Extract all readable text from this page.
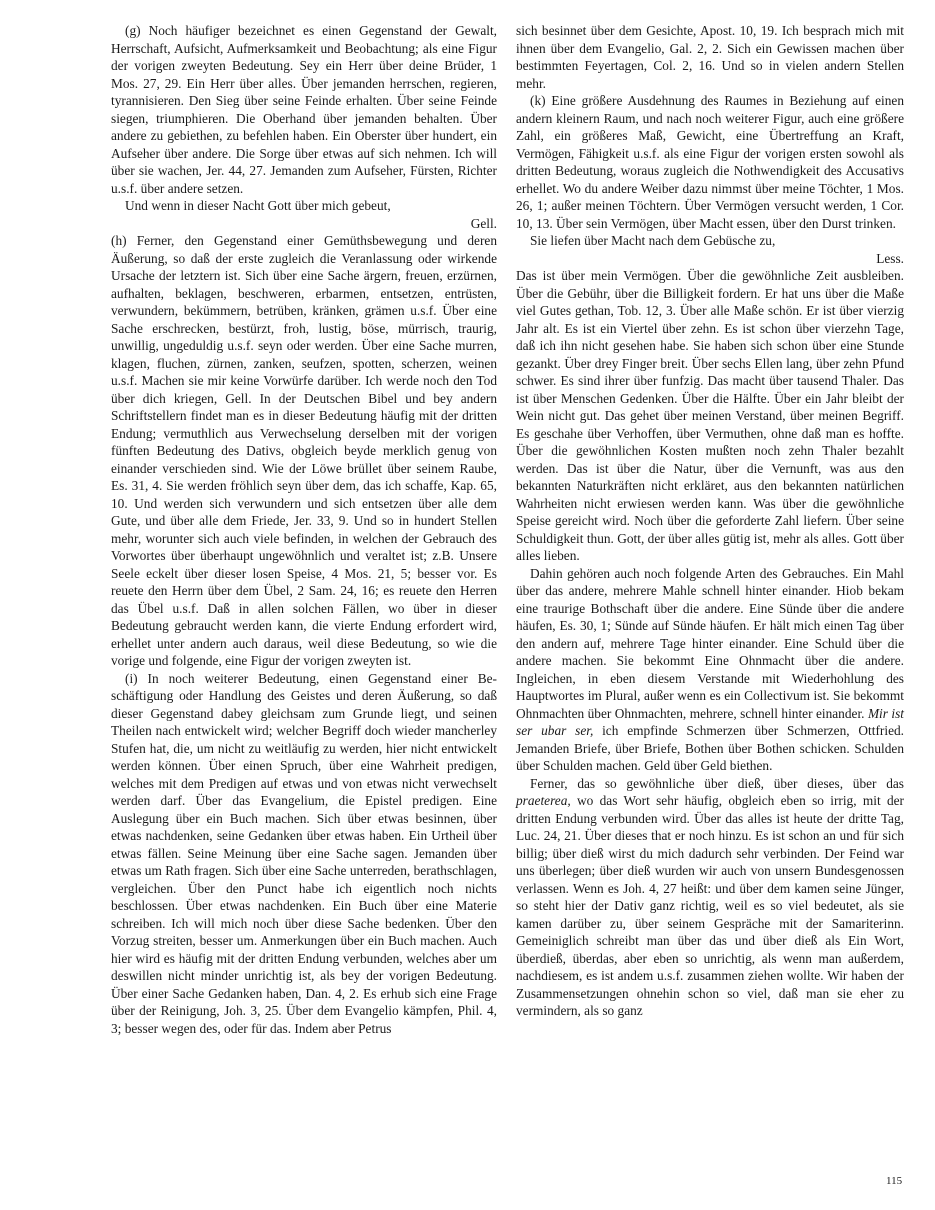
(g) Noch häufiger bezeichnet es einen Gegenstand der Gewalt, Herrschaft, Aufsicht, Aufmerksamkeit und Beobachtung; als eine Figur der vorigen zweyten Bedeutung. Sey ein Herr über deine Brüder, 1 Mos. 27, 29. Ein Herr über alles. Über jemanden herrschen, regieren, tyrannisieren. Den Sieg über seine Feinde erhalten. Über seine Feinde siegen, triumphieren. Die Oberhand über jemanden behalten. Über andere zu gebiethen, zu befehlen haben. Ein Oberster über hundert, ein Aufseher über andere. Die Sorge über etwas auf sich nehmen. Ich will über sie wachen, Jer. 44, 27. Jemanden zum Aufseher, Fürsten, Richter u.s.f. über andere setzen.

Und wenn in dieser Nacht Gott über mich gebeut,

Gell.

(h) Ferner, den Gegenstand einer Gemüthsbewegung und deren Äußerung, so daß der erste zugleich die Veranlassung oder wirkende Ursache der letztern ist. Sich über eine Sache ärgern, freuen, erzürnen, aufhalten, beklagen, beschweren, erbarmen, entsetzen, entrüsten, verwundern, bekümmern, betrüben, kränken, grämen u.s.f. Über eine Sache erschrecken, bestürzt, froh, lustig, böse, mürrisch, traurig, unwillig, ungeduldig u.s.f. seyn oder werden. Über eine Sache murren, klagen, fluchen, zürnen, zanken, seufzen, spotten, scherzen, weinen u.s.f. Machen sie mir keine Vorwürfe darüber. Ich werde noch den Tod über dich kriegen, Gell. In der Deutschen Bibel und bey andern Schriftstellern findet man es in dieser Bedeutung häufig mit der dritten Endung; vermuthlich aus Verwechselung derselben mit der vorigen fünften Bedeutung des Dativs, obgleich beyde merklich genug von einander verschieden sind. Wie der Löwe brüllet über seinem Raube, Es. 31, 4. Sie werden fröhlich seyn über dem, das ich schaffe, Kap. 65, 10. Und werden sich verwundern und sich entsetzen über alle dem Gute, und über alle dem Friede, Jer. 33, 9. Und so in hundert Stellen mehr, worunter sich auch viele befinden, in welchen der Gebrauch des Vorwortes über überhaupt ungewöhnlich und veraltet ist; z.B. Unsere Seele eckelt über dieser losen Speise, 4 Mos. 21, 5; besser vor. Es reuete den Herrn über dem Übel, 2 Sam. 24, 16; es reuete den Herren das Übel u.s.f. Daß in allen solchen Fällen, wo über in dieser Bedeutung gebraucht werden kann, die vierte Endung erfordert wird, erhellet unter andern auch daraus, weil diese Bedeutung, so wie die vorige und folgende, eine Figur der vorigen zweyten ist.

(i) In noch weiterer Bedeutung, einen Gegenstand einer Beschäftigung oder Handlung des Geistes und deren Äußerung, so daß dieser Gegenstand dabey gleichsam zum Grunde liegt, und seinen Theilen nach entwickelt wird; welcher Begriff doch wieder mancherley Stufen hat, die, um nicht zu weitläufig zu werden, hier nicht entwickelt werden können. Über einen Spruch, über eine Wahrheit predigen, welches mit dem Predigen auf etwas und von etwas nicht verwechselt werden darf. Über das Evangelium, die Epistel predigen. Eine Auslegung über ein Buch machen. Sich über etwas besinnen, über etwas nachdenken, seine Gedanken über etwas haben. Ein Urtheil über etwas fällen. Seine Meinung über eine Sache sagen. Jemanden über etwas um Rath fragen. Sich über eine Sache unterreden, berathschlagen, vergleichen. Über den Punct habe ich eigentlich noch nichts beschlossen. Über etwas nachdenken. Ein Buch über eine Materie schreiben. Ich will mich noch über diese Sache bedenken. Über den Vorzug streiten, besser um. Anmerkungen über ein Buch machen. Auch hier wird es häufig mit der dritten Endung verbunden, welches aber um deswillen nicht minder unrichtig ist, als bey der vorigen Bedeutung. Über einer Sache Gedanken haben, Dan. 4, 2. Es erhub sich eine Frage über der Reinigung, Joh. 3, 25. Über dem Evangelio kämpfen, Phil. 4, 3; besser wegen des, oder für das. Indem aber Petrus

sich besinnet über dem Gesichte, Apost. 10, 19. Ich besprach mich mit ihnen über dem Evangelio, Gal. 2, 2. Sich ein Gewissen machen über bestimmten Feyertagen, Col. 2, 16. Und so in vielen andern Stellen mehr.

(k) Eine größere Ausdehnung des Raumes in Beziehung auf einen andern kleinern Raum, und nach noch weiterer Figur, auch eine größere Zahl, ein größeres Maß, Gewicht, eine Übertreffung an Kraft, Vermögen, Fähigkeit u.s.f. als eine Figur der vorigen ersten sowohl als dritten Bedeutung, woraus zugleich die Nothwendigkeit des Accusativs erhellet. Wo du andere Weiber dazu nimmst über meine Töchter, 1 Mos. 26, 1; außer meinen Töchtern. Über Vermögen versucht werden, 1 Cor. 10, 13. Über sein Vermögen, über Macht essen, über den Durst trinken.

Sie liefen über Macht nach dem Gebüsche zu,

Less.

Das ist über mein Vermögen. Über die gewöhnliche Zeit ausbleiben. Über die Gebühr, über die Billigkeit fordern. Er hat uns über die Maße viel Gutes gethan, Tob. 12, 3. Über alle Maße schön. Er ist über vierzig Jahr alt. Es ist ein Viertel über zehn. Es ist schon über vierzehn Tage, daß ich ihn nicht gesehen habe. Sie haben sich schon über eine Stunde gezankt. Über drey Finger breit. Über sechs Ellen lang, über zehn Pfund schwer. Es sind ihrer über funfzig. Das macht über tausend Thaler. Das ist über Menschen Gedenken. Über die Hälfte. Über ein Jahr bleibt der Wein nicht gut. Das gehet über meinen Verstand, über meinen Begriff. Es geschahe über Verhoffen, über Vermuthen, ohne daß man es hoffte. Über die gewöhnlichen Kosten mußten noch zehn Thaler bezahlt werden. Das ist über die Natur, über die Vernunft, was aus den bekannten Naturkräften nicht erkläret, aus den bekannten natürlichen Wahrheiten nicht erwiesen werden kann. Was über die gewöhnliche Speise gereicht wird. Noch über die geforderte Zahl liefern. Über seine Schuldigkeit thun. Gott, der über alles gütig ist, mehr als alles. Gott über alles lieben.

Dahin gehören auch noch folgende Arten des Gebrauches. Ein Mahl über das andere, mehrere Mahle schnell hinter einander. Hiob bekam eine traurige Bothschaft über die andere. Eine Sünde über die andere häufen, Es. 30, 1; Sünde auf Sünde häufen. Er hält mich einen Tag über den andern auf, mehrere Tage hinter einander. Eine Schuld über die andere machen. Sie bekommt Eine Ohnmacht über die andere. Ingleichen, in eben diesem Verstande mit Wiederhohlung des Hauptwortes im Plural, außer wenn es ein Collectivum ist. Sie bekommt Ohnmachten über Ohnmachten, mehrere, schnell hinter einander. Mir ist ser ubar ser, ich empfinde Schmerzen über Schmerzen, Ottfried. Jemanden Briefe, über Briefe, Bothen über Bothen schicken. Schulden über Schulden machen. Geld über Geld biethen.

Ferner, das so gewöhnliche über dieß, über dieses, über das praeterea, wo das Wort sehr häufig, obgleich eben so irrig, mit der dritten Endung verbunden wird. Über das alles ist heute der dritte Tag, Luc. 24, 21. Über dieses that er noch hinzu. Es ist schon an und für sich billig; über dieß wirst du mich dadurch sehr verbinden. Der Feind war uns überlegen; über dieß wurden wir auch von unsern Bundesgenossen verlassen. Wenn es Joh. 4, 27 heißt: und über dem kamen seine Jünger, so steht hier der Dativ ganz richtig, weil es so viel bedeutet, als sie kamen darüber zu, über seinem Gespräche mit der Samariterinn. Gemeiniglich schreibt man über das und über dieß als Ein Wort, überdieß, überdas, aber eben so unrichtig, als wenn man außerdem, nachdiesem, es ist andem u.s.f. zusammen ziehen wollte. Wir haben der Zusammensetzungen ohnehin schon so viel, daß man sie eher zu vermindern, als so ganz

115
